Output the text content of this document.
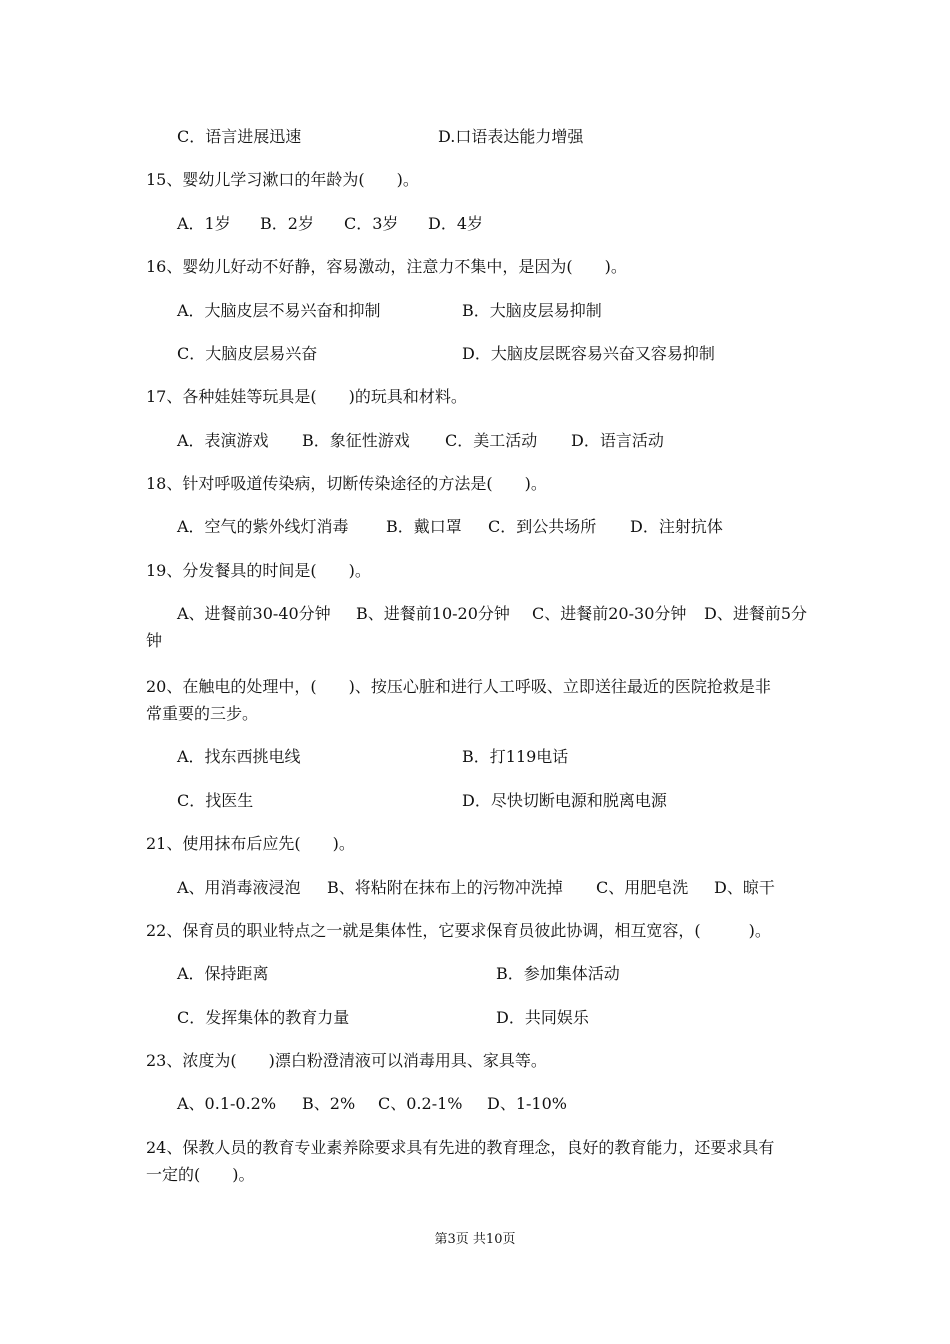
C．语言进展迅速	D.口语表达能力增强
15、婴幼儿学习漱口的年龄为(　　)。
A．1岁 B．2岁 C．3岁 D．4岁
16、婴幼儿好动不好静，容易激动，注意力不集中，是因为(　　)。
A．大脑皮层不易兴奋和抑制	B．大脑皮层易抑制
C．大脑皮层易兴奋	D．大脑皮层既容易兴奋又容易抑制
17、各种娃娃等玩具是(　　)的玩具和材料。
A．表演游戏 B．象征性游戏 C．美工活动 D．语言活动
18、针对呼吸道传染病，切断传染途径的方法是(　　)。
A．空气的紫外线灯消毒 B．戴口罩 C．到公共场所 D．注射抗体
19、分发餐具的时间是(　　)。
A、进餐前30-40分钟 B、进餐前10-20分钟 C、进餐前20-30分钟 D、进餐前5分
钟
20、在触电的处理中，(　　)、按压心脏和进行人工呼吸、立即送往最近的医院抢救是非
常重要的三步。
A．找东西挑电线	B．打119电话
C．找医生	D．尽快切断电源和脱离电源
21、使用抹布后应先(　　)。
A、用消毒液浸泡 B、将粘附在抹布上的污物冲洗掉 C、用肥皂洗 D、晾干
22、保育员的职业特点之一就是集体性，它要求保育员彼此协调，相互宽容，(　　　)。
A．保持距离	B．参加集体活动
C．发挥集体的教育力量	D．共同娱乐
23、浓度为(　　)漂白粉澄清液可以消毒用具、家具等。
A、0.1-0.2% B、2% C、0.2-1% D、1-10%
24、保教人员的教育专业素养除要求具有先进的教育理念，良好的教育能力，还要求具有
一定的(　　)。
第3页 共10页
